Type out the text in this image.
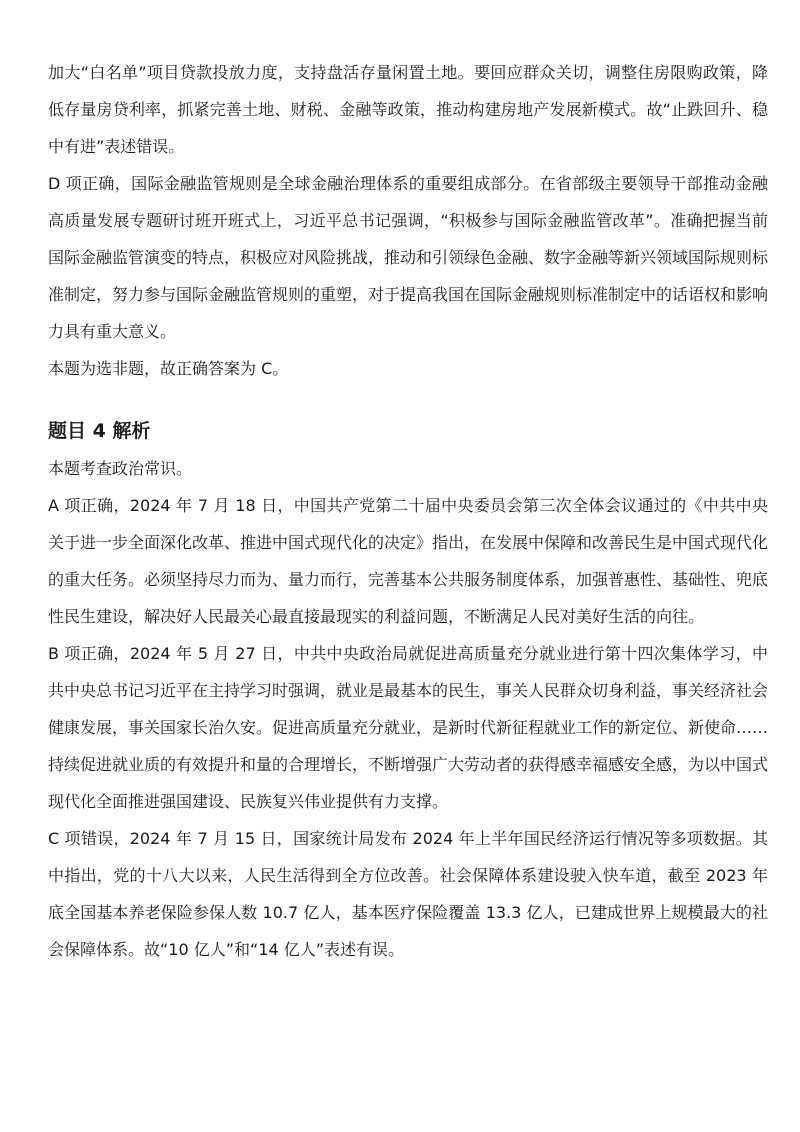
加大“白名单”项目贷款投放力度，支持盘活存量闲置土地。要回应群众关切，调整住房限购政策，降低存量房贷利率，抓紧完善土地、财税、金融等政策，推动构建房地产发展新模式。故“止跌回升、稳中有进”表述错误。

D 项正确，国际金融监管规则是全球金融治理体系的重要组成部分。在省部级主要领导干部推动金融高质量发展专题研讨班开班式上，习近平总书记强调，“积极参与国际金融监管改革”。准确把握当前国际金融监管演变的特点，积极应对风险挑战，推动和引领绿色金融、数字金融等新兴领域国际规则标准制定，努力参与国际金融监管规则的重塑，对于提高我国在国际金融规则标准制定中的话语权和影响力具有重大意义。

本题为选非题，故正确答案为 C。

题目 4 解析

本题考查政治常识。

A 项正确，2024 年 7 月 18 日，中国共产党第二十届中央委员会第三次全体会议通过的《中共中央关于进一步全面深化改革、推进中国式现代化的决定》指出，在发展中保障和改善民生是中国式现代化的重大任务。必须坚持尽力而为、量力而行，完善基本公共服务制度体系，加强普惠性、基础性、兜底性民生建设，解决好人民最关心最直接最现实的利益问题，不断满足人民对美好生活的向往。

B 项正确，2024 年 5 月 27 日，中共中央政治局就促进高质量充分就业进行第十四次集体学习，中共中央总书记习近平在主持学习时强调，就业是最基本的民生，事关人民群众切身利益，事关经济社会健康发展，事关国家长治久安。促进高质量充分就业，是新时代新征程就业工作的新定位、新使命……持续促进就业质的有效提升和量的合理增长，不断增强广大劳动者的获得感幸福感安全感，为以中国式现代化全面推进强国建设、民族复兴伟业提供有力支撑。

C 项错误，2024 年 7 月 15 日，国家统计局发布 2024 年上半年国民经济运行情况等多项数据。其中指出，党的十八大以来，人民生活得到全方位改善。社会保障体系建设驶入快车道，截至 2023 年底全国基本养老保险参保人数 10.7 亿人，基本医疗保险覆盖 13.3 亿人，已建成世界上规模最大的社会保障体系。故“10 亿人”和“14 亿人”表述有误。
